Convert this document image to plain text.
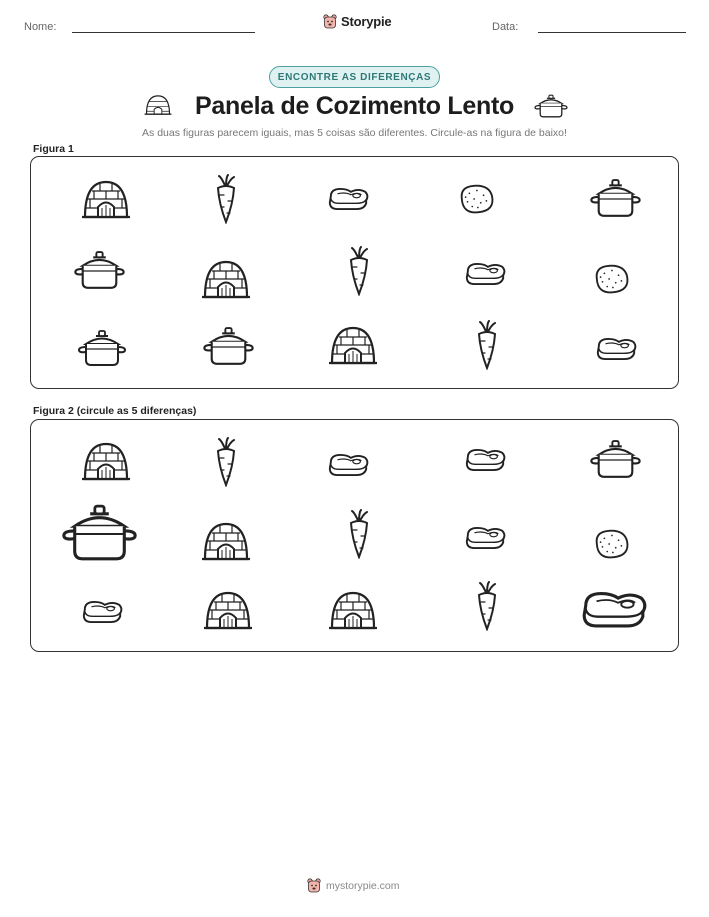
Nome:	Storypie	Data:
ENCONTRE AS DIFERENÇAS
Panela de Cozimento Lento
As duas figuras parecem iguais, mas 5 coisas são diferentes. Circule-as na figura de baixo!
Figura 1
Figura 2 (circule as 5 diferenças)
mystorypie.com
